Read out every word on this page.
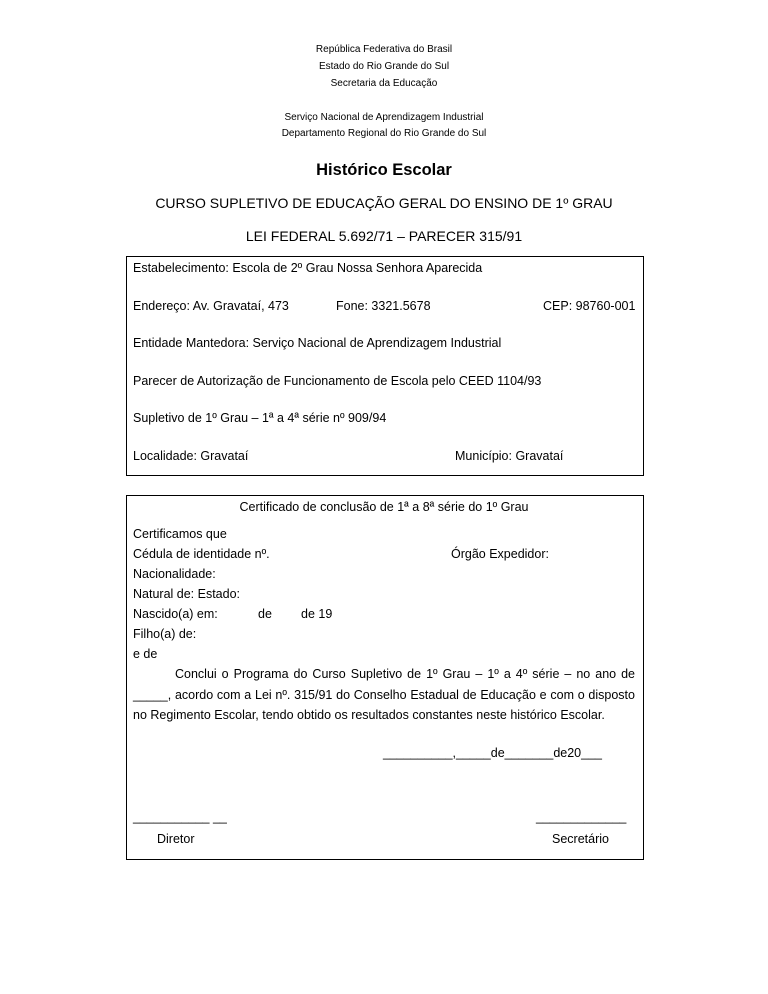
República Federativa do Brasil
Estado do Rio Grande do Sul
Secretaria da Educação
Serviço Nacional de Aprendizagem Industrial
Departamento Regional do Rio Grande do Sul
Histórico Escolar
CURSO SUPLETIVO DE EDUCAÇÃO GERAL DO ENSINO DE 1º GRAU
LEI FEDERAL 5.692/71 – PARECER 315/91
Estabelecimento: Escola de 2º Grau Nossa Senhora Aparecida
Endereço: Av. Gravataí, 473	Fone: 3321.5678	CEP: 98760-001
Entidade Mantedora: Serviço Nacional de Aprendizagem Industrial
Parecer de Autorização de Funcionamento de Escola pelo CEED 1104/93
Supletivo de 1º Grau – 1ª a 4ª série nº 909/94
Localidade: Gravataí	Município: Gravataí
Certificado de conclusão de 1ª a 8ª série do 1º Grau
Certificamos que
Cédula de identidade nº.	Órgão Expedidor:
Nacionalidade:
Natural de: Estado:
Nascido(a) em:	de de 19
Filho(a) de:
e de
Conclui o Programa do Curso Supletivo de 1º Grau – 1º a 4º série – no ano de _____, acordo com a Lei nº. 315/91 do Conselho Estadual de Educação e com o disposto no Regimento Escolar, tendo obtido os resultados constantes neste histórico Escolar.
__________,_____de_______de20___
___________ __	_____________
Diretor	Secretário
